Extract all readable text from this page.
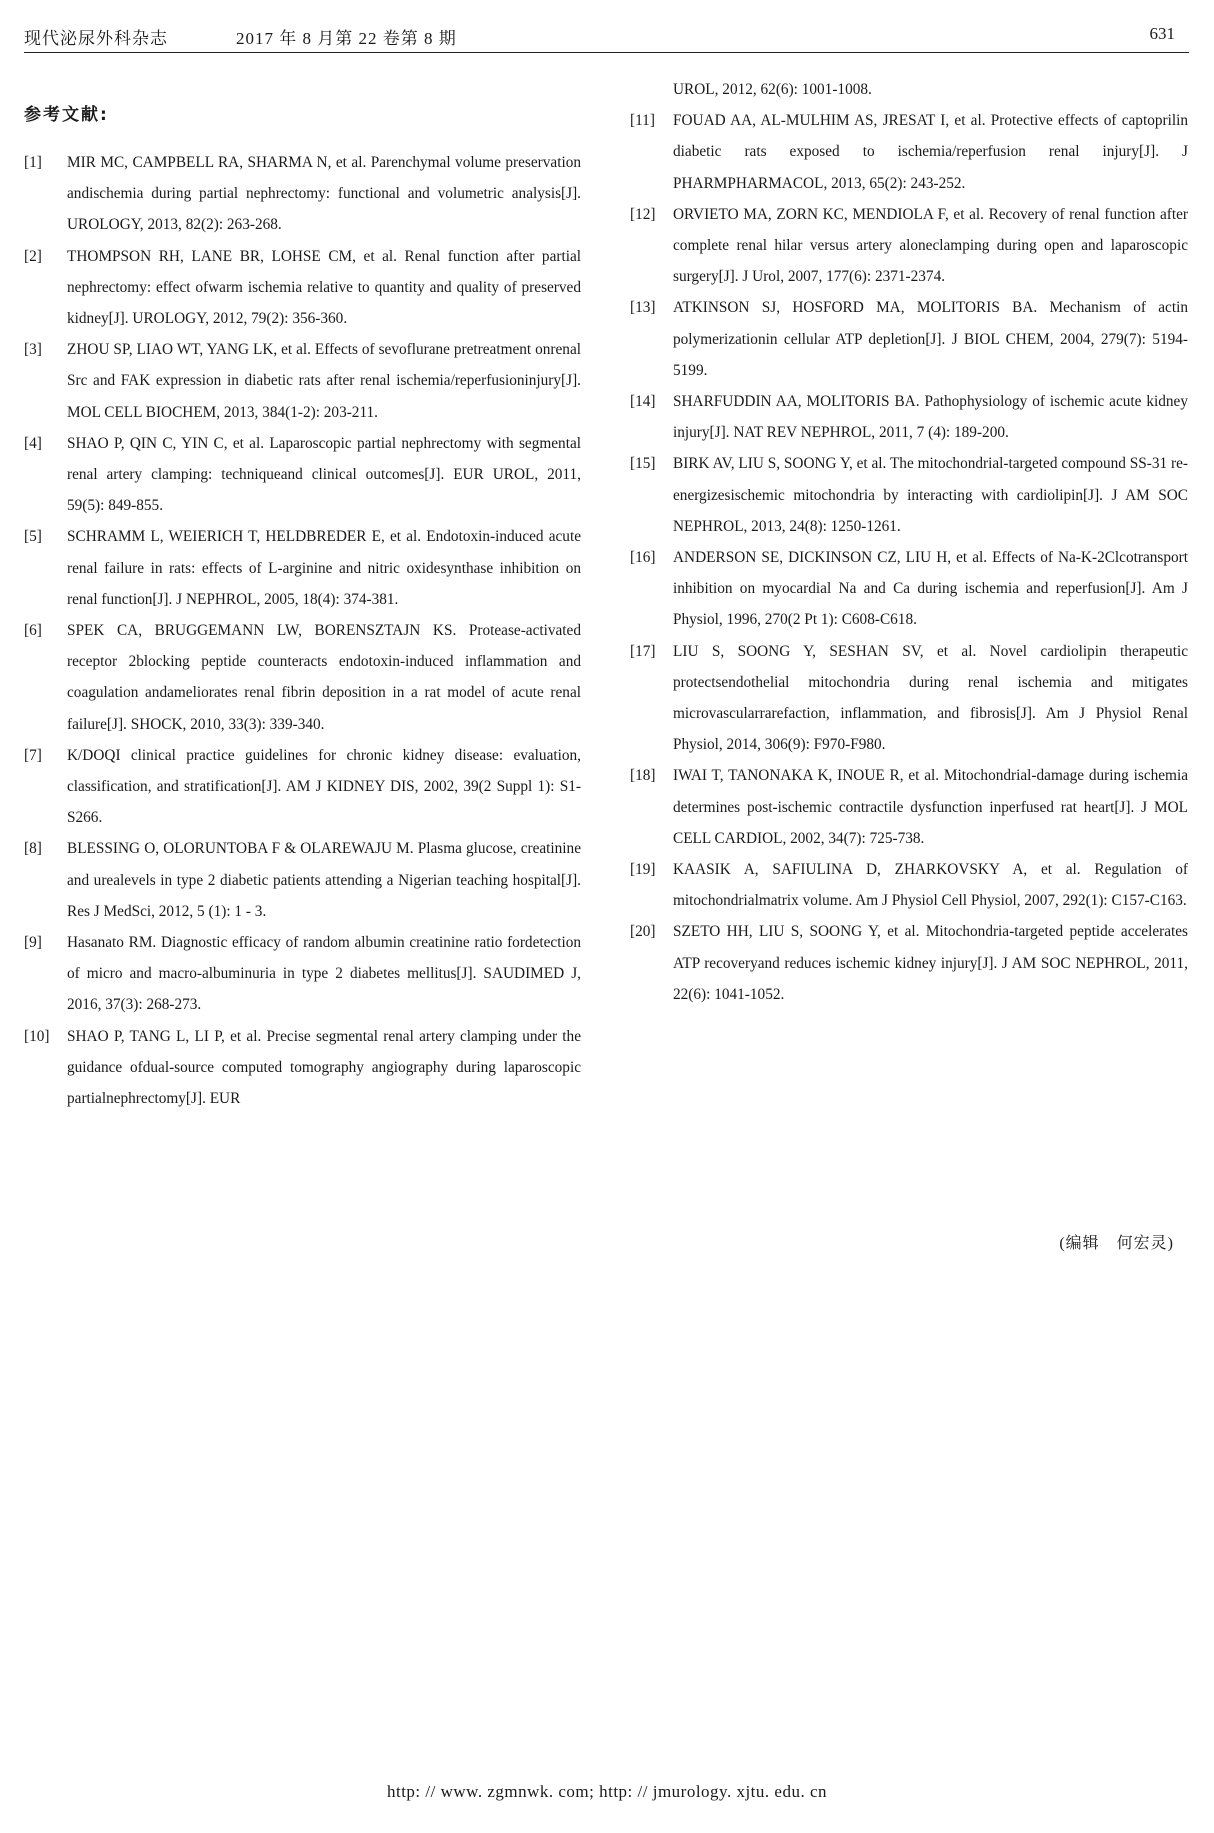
现代泌尿外科杂志	2017 年 8 月第 22 卷第 8 期	631
参考文献:

[1] MIR MC, CAMPBELL RA, SHARMA N, et al. Parenchymal volume preservation andischemia during partial nephrectomy: functional and volumetric analysis[J]. UROLOGY, 2013, 82(2): 263-268.

[2] THOMPSON RH, LANE BR, LOHSE CM, et al. Renal function after partial nephrectomy: effect ofwarm ischemia relative to quantity and quality of preserved kidney[J]. UROLOGY, 2012, 79(2): 356-360.

[3] ZHOU SP, LIAO WT, YANG LK, et al. Effects of sevoflurane pretreatment onrenal Src and FAK expression in diabetic rats after renal ischemia/reperfusioninjury[J]. MOL CELL BIOCHEM, 2013, 384(1-2): 203-211.

[4] SHAO P, QIN C, YIN C, et al. Laparoscopic partial nephrectomy with segmental renal artery clamping: techniqueand clinical outcomes[J]. EUR UROL, 2011, 59(5): 849-855.

[5] SCHRAMM L, WEIERICH T, HELDBREDER E, et al. Endotoxin-induced acute renal failure in rats: effects of L-arginine and nitric oxidesynthase inhibition on renal function[J]. J NEPHROL, 2005, 18(4): 374-381.

[6] SPEK CA, BRUGGEMANN LW, BORENSZTAJN KS. Protease-activated receptor 2blocking peptide counteracts endotoxin-induced inflammation and coagulation andameliorates renal fibrin deposition in a rat model of acute renal failure[J]. SHOCK, 2010, 33(3): 339-340.

[7] K/DOQI clinical practice guidelines for chronic kidney disease: evaluation, classification, and stratification[J]. AM J KIDNEY DIS, 2002, 39(2 Suppl 1): S1-S266.

[8] BLESSING O, OLORUNTOBA F & OLAREWAJU M. Plasma glucose, creatinine and urealevels in type 2 diabetic patients attending a Nigerian teaching hospital[J]. Res J MedSci, 2012, 5 (1): 1 - 3.

[9] Hasanato RM. Diagnostic efficacy of random albumin creatinine ratio fordetection of micro and macro-albuminuria in type 2 diabetes mellitus[J]. SAUDIMED J, 2016, 37(3): 268-273.

[10] SHAO P, TANG L, LI P, et al. Precise segmental renal artery clamping under the guidance ofdual-source computed tomography angiography during laparoscopic partialnephrectomy[J]. EUR

UROL, 2012, 62(6): 1001-1008.

[11] FOUAD AA, AL-MULHIM AS, JRESAT I, et al. Protective effects of captoprilin diabetic rats exposed to ischemia/reperfusion renal injury[J]. J PHARMPHARMACOL, 2013, 65(2): 243-252.

[12] ORVIETO MA, ZORN KC, MENDIOLA F, et al. Recovery of renal function after complete renal hilar versus artery aloneclamping during open and laparoscopic surgery[J]. J Urol, 2007, 177(6): 2371-2374.

[13] ATKINSON SJ, HOSFORD MA, MOLITORIS BA. Mechanism of actin polymerizationin cellular ATP depletion[J]. J BIOL CHEM, 2004, 279(7): 5194-5199.

[14] SHARFUDDIN AA, MOLITORIS BA. Pathophysiology of ischemic acute kidney injury[J]. NAT REV NEPHROL, 2011, 7 (4): 189-200.

[15] BIRK AV, LIU S, SOONG Y, et al. The mitochondrial-targeted compound SS-31 re-energizesischemic mitochondria by interacting with cardiolipin[J]. J AM SOC NEPHROL, 2013, 24(8): 1250-1261.

[16] ANDERSON SE, DICKINSON CZ, LIU H, et al. Effects of Na-K-2Clcotransport inhibition on myocardial Na and Ca during ischemia and reperfusion[J]. Am J Physiol, 1996, 270(2 Pt 1): C608-C618.

[17] LIU S, SOONG Y, SESHAN SV, et al. Novel cardiolipin therapeutic protectsendothelial mitochondria during renal ischemia and mitigates microvascularrarefaction, inflammation, and fibrosis[J]. Am J Physiol Renal Physiol, 2014, 306(9): F970-F980.

[18] IWAI T, TANONAKA K, INOUE R, et al. Mitochondrial-damage during ischemia determines post-ischemic contractile dysfunction inperfused rat heart[J]. J MOL CELL CARDIOL, 2002, 34(7): 725-738.

[19] KAASIK A, SAFIULINA D, ZHARKOVSKY A, et al. Regulation of mitochondrialmatrix volume. Am J Physiol Cell Physiol, 2007, 292(1): C157-C163.

[20] SZETO HH, LIU S, SOONG Y, et al. Mitochondria-targeted peptide accelerates ATP recoveryand reduces ischemic kidney injury[J]. J AM SOC NEPHROL, 2011, 22(6): 1041-1052.

(编辑　何宏灵)
http: // www. zgmnwk. com; http: // jmurology. xjtu. edu. cn
